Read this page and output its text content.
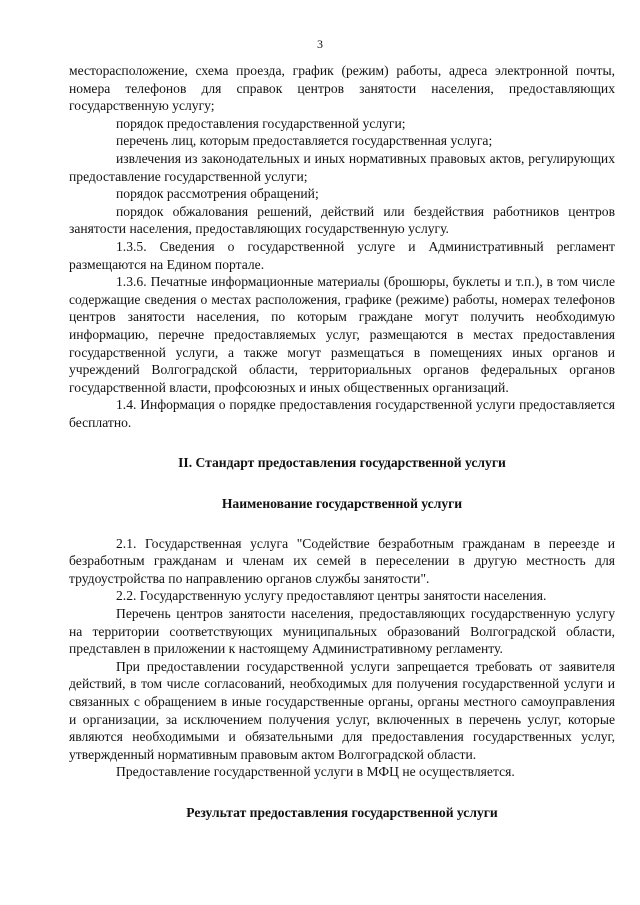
3

месторасположение, схема проезда, график (режим) работы, адреса электронной почты, номера телефонов для справок центров занятости населения, предоставляющих государственную услугу;

порядок предоставления государственной услуги;

перечень лиц, которым предоставляется государственная услуга;

извлечения из законодательных и иных нормативных правовых актов, регулирующих предоставление государственной услуги;

порядок рассмотрения обращений;

порядок обжалования решений, действий или бездействия работников центров занятости населения, предоставляющих государственную услугу.

1.3.5. Сведения о государственной услуге и Административный регламент размещаются на Едином портале.

1.3.6. Печатные информационные материалы (брошюры, буклеты и т.п.), в том числе содержащие сведения о местах расположения, графике (режиме) работы, номерах телефонов центров занятости населения, по которым граждане могут получить необходимую информацию, перечне предоставляемых услуг, размещаются в местах предоставления государственной услуги, а также могут размещаться в помещениях иных органов и учреждений Волгоградской области, территориальных органов федеральных органов государственной власти, профсоюзных и иных общественных организаций.

1.4. Информация о порядке предоставления государственной услуги предоставляется бесплатно.

II. Стандарт предоставления государственной услуги
Наименование государственной услуги

2.1. Государственная услуга "Содействие безработным гражданам в переезде и безработным гражданам и членам их семей в переселении в другую местность для трудоустройства по направлению органов службы занятости".

2.2. Государственную услугу предоставляют центры занятости населения.

Перечень центров занятости населения, предоставляющих государственную услугу на территории соответствующих муниципальных образований Волгоградской области, представлен в приложении к настоящему Административному регламенту.

При предоставлении государственной услуги запрещается требовать от заявителя действий, в том числе согласований, необходимых для получения государственной услуги и связанных с обращением в иные государственные органы, органы местного самоуправления и организации, за исключением получения услуг, включенных в перечень услуг, которые являются необходимыми и обязательными для предоставления государственных услуг, утвержденный нормативным правовым актом Волгоградской области.

Предоставление государственной услуги в МФЦ не осуществляется.

Результат предоставления государственной услуги
